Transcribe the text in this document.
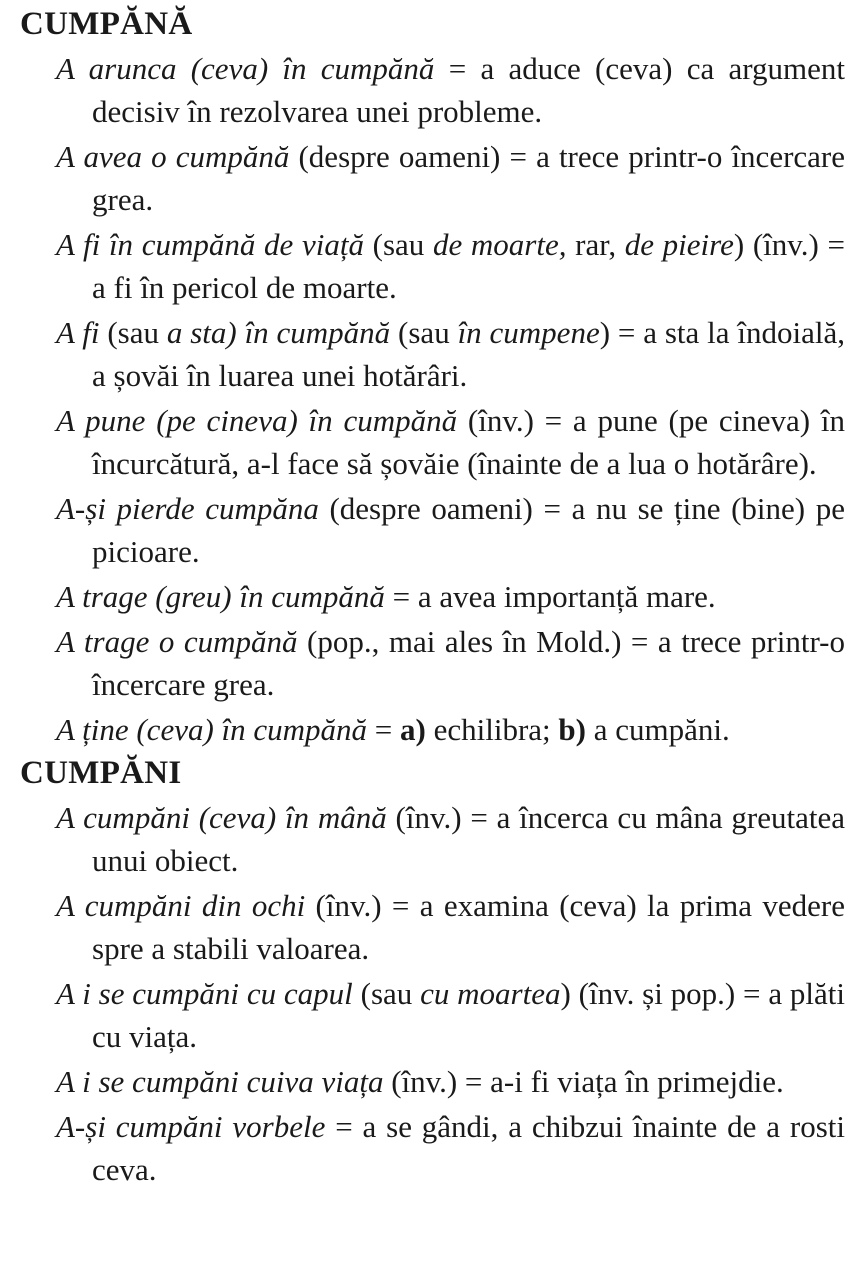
CUMPĂNĂ

A arunca (ceva) în cumpănă = a aduce (ceva) ca argument decisiv în rezolvarea unei probleme.

A avea o cumpănă (despre oameni) = a trece printr-o încercare grea.

A fi în cumpănă de viață (sau de moarte, rar, de pieire) (înv.) = a fi în pericol de moarte.

A fi (sau a sta) în cumpănă (sau în cumpene) = a sta la îndoială, a șovăi în luarea unei hotărâri.

A pune (pe cineva) în cumpănă (înv.) = a pune (pe cineva) în încurcătură, a-l face să șovăie (înainte de a lua o hotărâre).

A-și pierde cumpăna (despre oameni) = a nu se ține (bine) pe picioare.

A trage (greu) în cumpănă = a avea importanță mare.

A trage o cumpănă (pop., mai ales în Mold.) = a trece printr-o încercare grea.

A ține (ceva) în cumpănă = a) echilibra; b) a cumpăni.

CUMPĂNI

A cumpăni (ceva) în mână (înv.) = a încerca cu mâna greutatea unui obiect.

A cumpăni din ochi (înv.) = a examina (ceva) la prima vedere spre a stabili valoarea.

A i se cumpăni cu capul (sau cu moartea) (înv. și pop.) = a plăti cu viața.

A i se cumpăni cuiva viața (înv.) = a-i fi viața în primejdie.

A-și cumpăni vorbele = a se gândi, a chibzui înainte de a rosti ceva.
